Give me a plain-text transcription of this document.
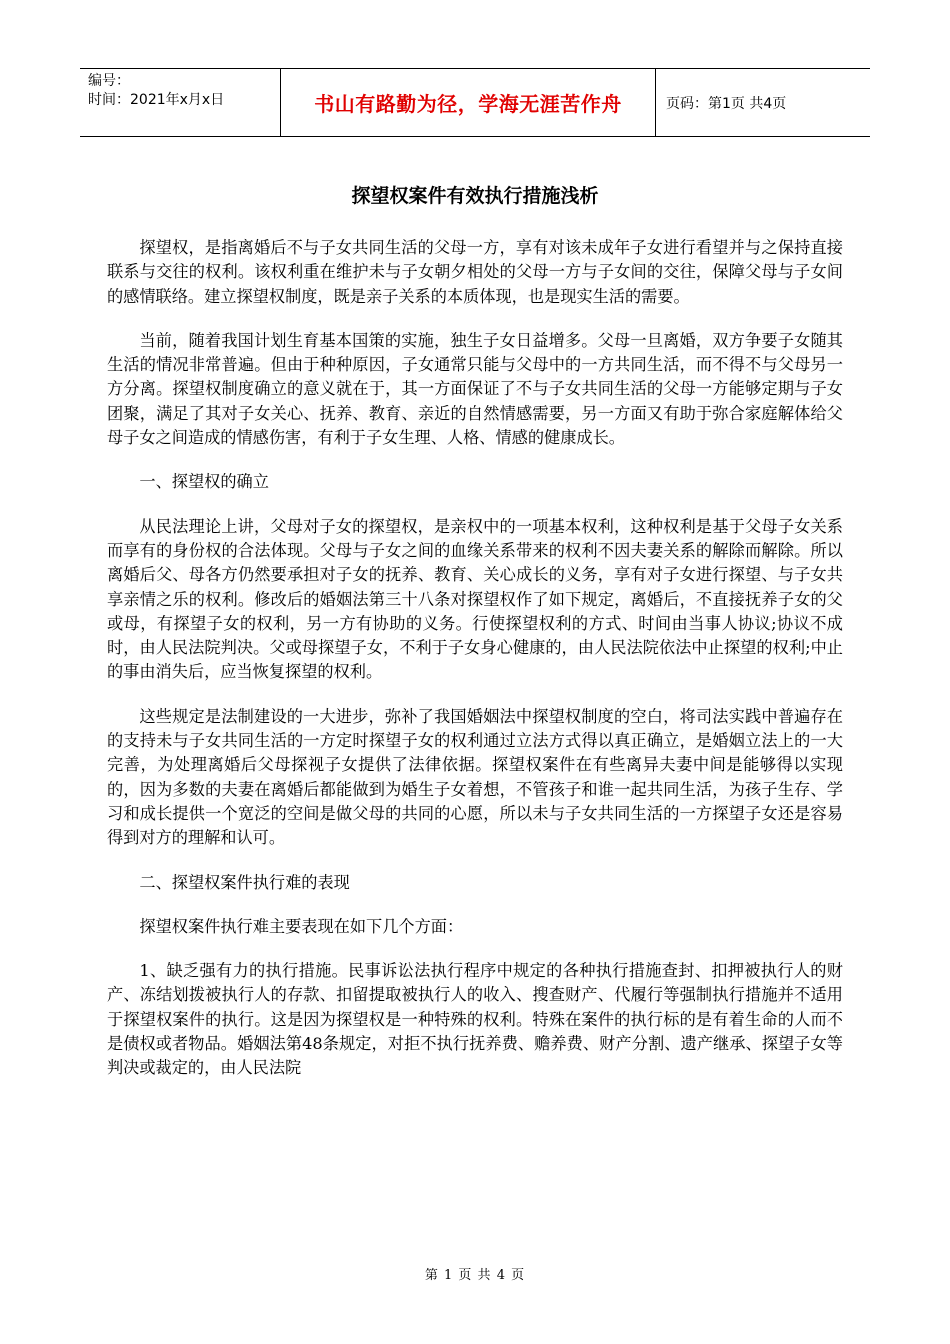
编号：
时间：2021年x月x日	书山有路勤为径，学海无涯苦作舟	页码：第1页 共4页
探望权案件有效执行措施浅析

探望权，是指离婚后不与子女共同生活的父母一方，享有对该未成年子女进行看望并与之保持直接联系与交往的权利。该权利重在维护未与子女朝夕相处的父母一方与子女间的交往，保障父母与子女间的感情联络。建立探望权制度，既是亲子关系的本质体现，也是现实生活的需要。

当前，随着我国计划生育基本国策的实施，独生子女日益增多。父母一旦离婚，双方争要子女随其生活的情况非常普遍。但由于种种原因，子女通常只能与父母中的一方共同生活，而不得不与父母另一方分离。探望权制度确立的意义就在于，其一方面保证了不与子女共同生活的父母一方能够定期与子女团聚，满足了其对子女关心、抚养、教育、亲近的自然情感需要，另一方面又有助于弥合家庭解体给父母子女之间造成的情感伤害，有利于子女生理、人格、情感的健康成长。

一、探望权的确立

从民法理论上讲，父母对子女的探望权，是亲权中的一项基本权利，这种权利是基于父母子女关系而享有的身份权的合法体现。父母与子女之间的血缘关系带来的权利不因夫妻关系的解除而解除。所以离婚后父、母各方仍然要承担对子女的抚养、教育、关心成长的义务，享有对子女进行探望、与子女共享亲情之乐的权利。修改后的婚姻法第三十八条对探望权作了如下规定，离婚后，不直接抚养子女的父或母，有探望子女的权利，另一方有协助的义务。行使探望权利的方式、时间由当事人协议;协议不成时，由人民法院判决。父或母探望子女，不利于子女身心健康的，由人民法院依法中止探望的权利;中止的事由消失后，应当恢复探望的权利。

这些规定是法制建设的一大进步，弥补了我国婚姻法中探望权制度的空白，将司法实践中普遍存在的支持未与子女共同生活的一方定时探望子女的权利通过立法方式得以真正确立，是婚姻立法上的一大完善，为处理离婚后父母探视子女提供了法律依据。探望权案件在有些离异夫妻中间是能够得以实现的，因为多数的夫妻在离婚后都能做到为婚生子女着想，不管孩子和谁一起共同生活，为孩子生存、学习和成长提供一个宽泛的空间是做父母的共同的心愿，所以未与子女共同生活的一方探望子女还是容易得到对方的理解和认可。

二、探望权案件执行难的表现

探望权案件执行难主要表现在如下几个方面：

1、缺乏强有力的执行措施。民事诉讼法执行程序中规定的各种执行措施查封、扣押被执行人的财产、冻结划拨被执行人的存款、扣留提取被执行人的收入、搜查财产、代履行等强制执行措施并不适用于探望权案件的执行。这是因为探望权是一种特殊的权利。特殊在案件的执行标的是有着生命的人而不是债权或者物品。婚姻法第48条规定，对拒不执行抚养费、赡养费、财产分割、遗产继承、探望子女等判决或裁定的，由人民法院

第 1 页 共 4 页
